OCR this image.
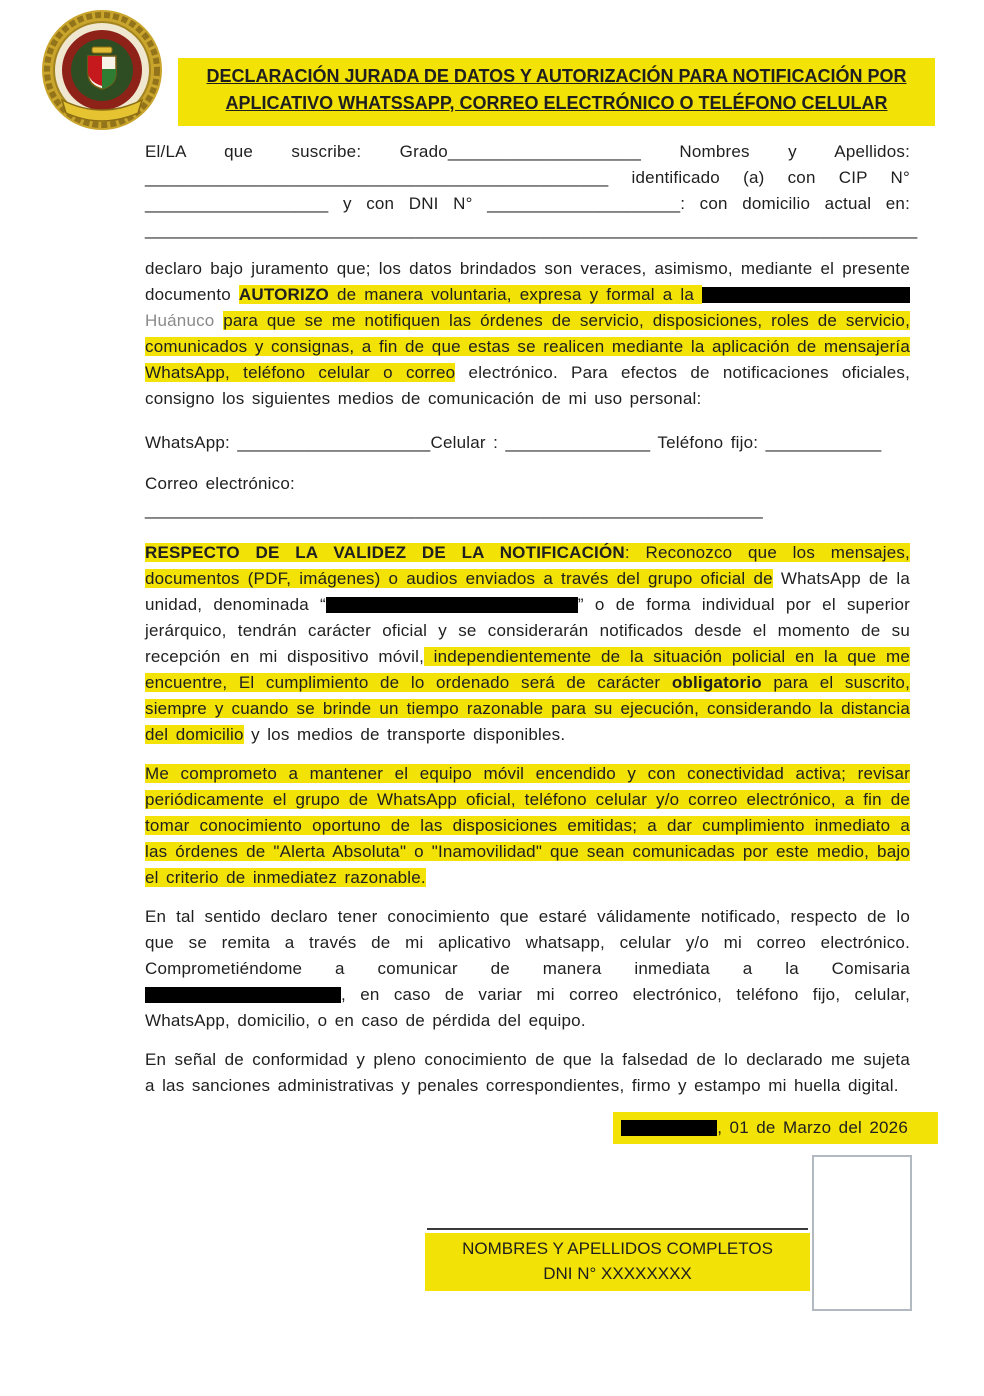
DECLARACIÓN JURADA DE DATOS Y AUTORIZACIÓN PARA NOTIFICACIÓN POR
APLICATIVO WHATSSAPP, CORREO ELECTRÓNICO O TELÉFONO CELULAR

El/LA que suscribe: Grado____________________ Nombres y Apellidos: ________________________________________________ identificado (a) con CIP N° ___________________ y con DNI N° ____________________: con domicilio actual en: ________________________________________________________________________________

declaro bajo juramento que; los datos brindados son veraces, asimismo, mediante el presente documento AUTORIZO de manera voluntaria, expresa y formal a la  Huánuco para que se me notifiquen las órdenes de servicio, disposiciones, roles de servicio, comunicados y consignas, a fin de que estas se realicen mediante la aplicación de mensajería WhatsApp, teléfono celular o correo electrónico. Para efectos de notificaciones oficiales, consigno los siguientes medios de comunicación de mi uso personal:

WhatsApp: ____________________Celular : _______________ Teléfono fijo: ____________

Correo electrónico: ________________________________________________________________

RESPECTO DE LA VALIDEZ DE LA NOTIFICACIÓN: Reconozco que los mensajes, documentos (PDF, imágenes) o audios enviados a través del grupo oficial de WhatsApp de la unidad, denominada “	” o de forma individual por el superior jerárquico, tendrán carácter oficial y se considerarán notificados desde el momento de su recepción en mi dispositivo móvil, independientemente de la situación policial en la que me encuentre, El cumplimiento de lo ordenado será de carácter obligatorio para el suscrito, siempre y cuando se brinde un tiempo razonable para su ejecución, considerando la distancia del domicilio y los medios de transporte disponibles.

Me comprometo a mantener el equipo móvil encendido y con conectividad activa; revisar periódicamente el grupo de WhatsApp oficial, teléfono celular y/o correo electrónico, a fin de tomar conocimiento oportuno de las disposiciones emitidas; a dar cumplimiento inmediato a las órdenes de "Alerta Absoluta" o "Inamovilidad" que sean comunicadas por este medio, bajo el criterio de inmediatez razonable.

En tal sentido declaro tener conocimiento que estaré válidamente notificado, respecto de lo que se remita a través de mi aplicativo whatsapp, celular y/o mi correo electrónico. Comprometiéndome a comunicar de manera inmediata a la Comisaria , en caso de variar mi correo electrónico, teléfono fijo, celular, WhatsApp, domicilio, o en caso de pérdida del equipo.

En señal de conformidad y pleno conocimiento de que la falsedad de lo declarado me sujeta a las sanciones administrativas y penales correspondientes, firmo y estampo mi huella digital.

, 01 de Marzo del 2026

NOMBRES Y APELLIDOS COMPLETOS
DNI N° XXXXXXXX
